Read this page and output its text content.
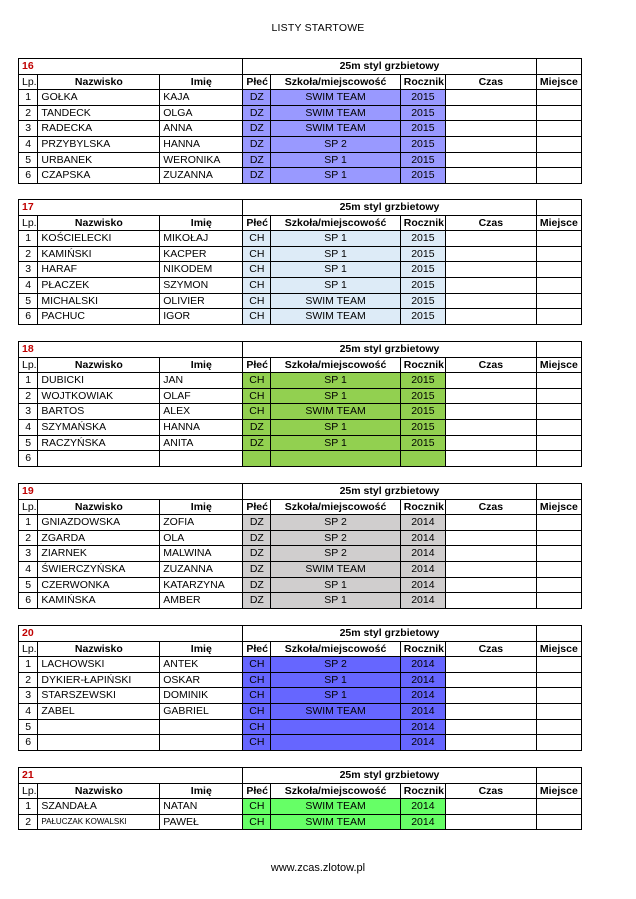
LISTY STARTOWE
16			25m styl grzbietowy				
Lp.	Nazwisko	Imię	Płeć	Szkoła/miejscowość	Rocznik	Czas	Miejsce
1	GOŁKA	KAJA	DZ	SWIM TEAM	2015		
2	TANDECK	OLGA	DZ	SWIM TEAM	2015		
3	RADECKA	ANNA	DZ	SWIM TEAM	2015		
4	PRZYBYLSKA	HANNA	DZ	SP 2	2015		
5	URBANEK	WERONIKA	DZ	SP 1	2015		
6	CZAPSKA	ZUZANNA	DZ	SP 1	2015		
17			25m styl grzbietowy				
Lp.	Nazwisko	Imię	Płeć	Szkoła/miejscowość	Rocznik	Czas	Miejsce
1	KOŚCIELECKI	MIKOŁAJ	CH	SP 1	2015		
2	KAMIŃSKI	KACPER	CH	SP 1	2015		
3	HARAF	NIKODEM	CH	SP 1	2015		
4	PŁACZEK	SZYMON	CH	SP 1	2015		
5	MICHALSKI	OLIVIER	CH	SWIM TEAM	2015		
6	PACHUC	IGOR	CH	SWIM TEAM	2015		
18			25m styl grzbietowy				
Lp.	Nazwisko	Imię	Płeć	Szkoła/miejscowość	Rocznik	Czas	Miejsce
1	DUBICKI	JAN	CH	SP 1	2015		
2	WOJTKOWIAK	OLAF	CH	SP 1	2015		
3	BARTOS	ALEX	CH	SWIM TEAM	2015		
4	SZYMAŃSKA	HANNA	DZ	SP 1	2015		
5	RACZYŃSKA	ANITA	DZ	SP 1	2015		
6							
19			25m styl grzbietowy				
Lp.	Nazwisko	Imię	Płeć	Szkoła/miejscowość	Rocznik	Czas	Miejsce
1	GNIAZDOWSKA	ZOFIA	DZ	SP 2	2014		
2	ZGARDA	OLA	DZ	SP 2	2014		
3	ZIARNEK	MALWINA	DZ	SP 2	2014		
4	ŚWIERCZYŃSKA	ZUZANNA	DZ	SWIM TEAM	2014		
5	CZERWONKA	KATARZYNA	DZ	SP 1	2014		
6	KAMIŃSKA	AMBER	DZ	SP 1	2014		
20			25m styl grzbietowy				
Lp.	Nazwisko	Imię	Płeć	Szkoła/miejscowość	Rocznik	Czas	Miejsce
1	LACHOWSKI	ANTEK	CH	SP 2	2014		
2	DYKIER-ŁAPIŃSKI	OSKAR	CH	SP 1	2014		
3	STARSZEWSKI	DOMINIK	CH	SP 1	2014		
4	ZABEL	GABRIEL	CH	SWIM TEAM	2014		
5			CH		2014		
6			CH		2014		
21			25m styl grzbietowy				
Lp.	Nazwisko	Imię	Płeć	Szkoła/miejscowość	Rocznik	Czas	Miejsce
1	SZANDAŁA	NATAN	CH	SWIM TEAM	2014		
2	PAŁUCZAK KOWALSKI	PAWEŁ	CH	SWIM TEAM	2014		
www.zcas.zlotow.pl
